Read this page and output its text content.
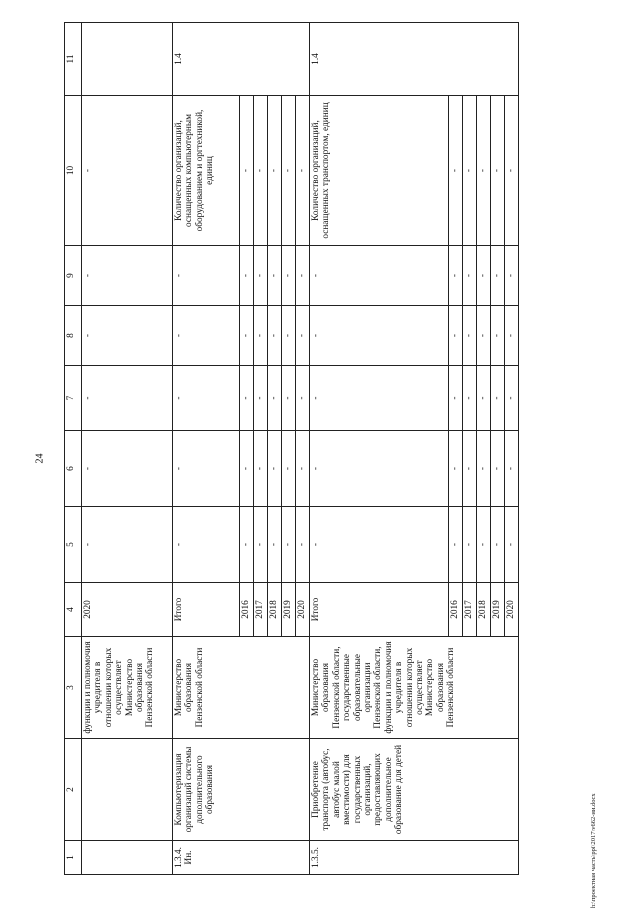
24
1	2	3	4	5	6	7	8	9	10	11
		функции и полномочия учредителя в отношении которых осуществляет Министерство образования Пензенской области	2020	-	-	-	-	-	-	
1.3.4. Ин.	Компьютеризация организаций системы дополнительного образования	Министерство образования Пензенской области	Итого	-	-	-	-	-	Количество организаций, оснащенных компьютерным оборудованием и оргтехникой, единиц	1.4
			2016	-	-	-	-	-	-	
			2017	-	-	-	-	-	-	
			2018	-	-	-	-	-	-	
			2019	-	-	-	-	-	-	
			2020	-	-	-	-	-	-	
1.3.5.	Приобретение транспорта (автобус, автобус малой вместимости) для государственных организаций, предоставляющих дополнительное образование для детей	Министерство образования Пензенской области, государственные образовательные организации Пензенской области, функции и полномочия учредителя в отношении которых осуществляет Министерство образования Пензенской области	Итого	-	-	-	-	-	Количество организаций, оснащенных транспортом, единиц	1.4
			2016	-	-	-	-	-	-	
			2017	-	-	-	-	-	-	
			2018	-	-	-	-	-	-	
			2019	-	-	-	-	-	-	
			2020	-	-	-	-	-	-	
h:\проектная часть\ppi\2017\v662-ии.docx
